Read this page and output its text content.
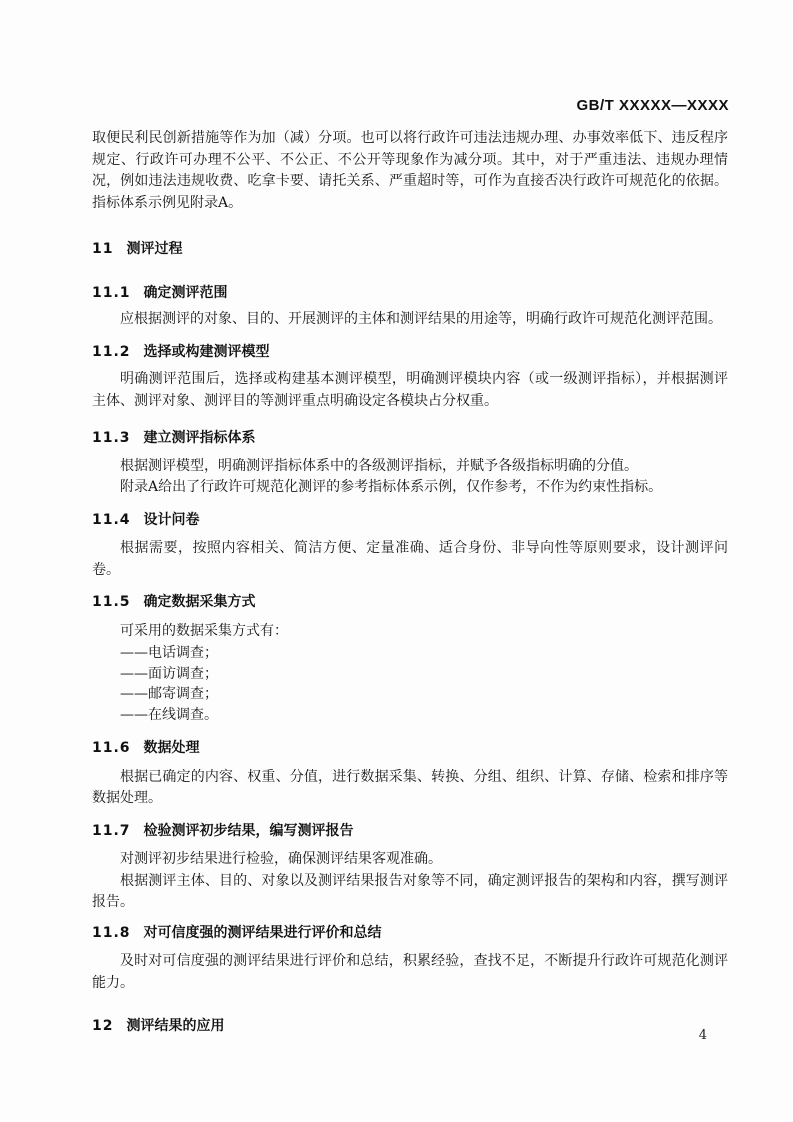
GB/T XXXXX—XXXX

取便民利民创新措施等作为加（减）分项。也可以将行政许可违法违规办理、办事效率低下、违反程序规定、行政许可办理不公平、不公正、不公开等现象作为减分项。其中，对于严重违法、违规办理情况，例如违法违规收费、吃拿卡要、请托关系、严重超时等，可作为直接否决行政许可规范化的依据。指标体系示例见附录A。

11 测评过程
11.1 确定测评范围

应根据测评的对象、目的、开展测评的主体和测评结果的用途等，明确行政许可规范化测评范围。

11.2 选择或构建测评模型

明确测评范围后，选择或构建基本测评模型，明确测评模块内容（或一级测评指标），并根据测评主体、测评对象、测评目的等测评重点明确设定各模块占分权重。

11.3 建立测评指标体系

根据测评模型，明确测评指标体系中的各级测评指标，并赋予各级指标明确的分值。

附录A给出了行政许可规范化测评的参考指标体系示例，仅作参考，不作为约束性指标。

11.4 设计问卷

根据需要，按照内容相关、简洁方便、定量准确、适合身份、非导向性等原则要求，设计测评问卷。

11.5 确定数据采集方式

可采用的数据采集方式有：

——电话调查；

——面访调查；

——邮寄调查；

——在线调查。

11.6 数据处理

根据已确定的内容、权重、分值，进行数据采集、转换、分组、组织、计算、存储、检索和排序等数据处理。

11.7 检验测评初步结果，编写测评报告

对测评初步结果进行检验，确保测评结果客观准确。

根据测评主体、目的、对象以及测评结果报告对象等不同，确定测评报告的架构和内容，撰写测评报告。

11.8 对可信度强的测评结果进行评价和总结

及时对可信度强的测评结果进行评价和总结，积累经验，查找不足，不断提升行政许可规范化测评能力。

12 测评结果的应用
4
